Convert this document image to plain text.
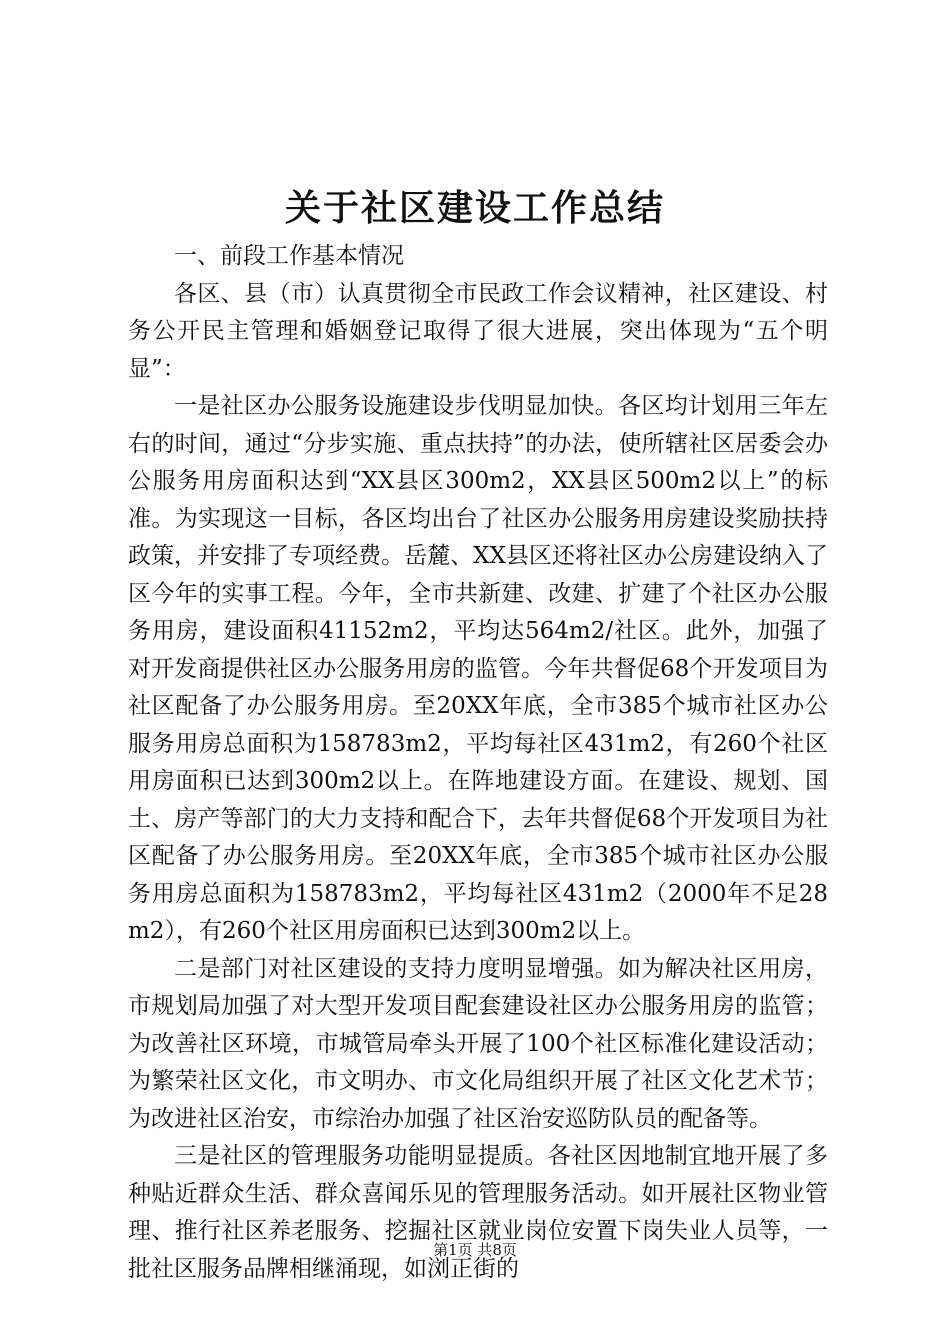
关于社区建设工作总结

一、前段工作基本情况

各区、县（市）认真贯彻全市民政工作会议精神，社区建设、村务公开民主管理和婚姻登记取得了很大进展，突出体现为“五个明显”：

一是社区办公服务设施建设步伐明显加快。各区均计划用三年左右的时间，通过“分步实施、重点扶持”的办法，使所辖社区居委会办公服务用房面积达到“XX县区300m2，XX县区500m2以上”的标准。为实现这一目标，各区均出台了社区办公服务用房建设奖励扶持政策，并安排了专项经费。岳麓、XX县区还将社区办公房建设纳入了区今年的实事工程。今年，全市共新建、改建、扩建了个社区办公服务用房，建设面积41152m2，平均达564m2/社区。此外，加强了对开发商提供社区办公服务用房的监管。今年共督促68个开发项目为社区配备了办公服务用房。至20XX年底，全市385个城市社区办公服务用房总面积为158783m2，平均每社区431m2，有260个社区用房面积已达到300m2以上。在阵地建设方面。在建设、规划、国土、房产等部门的大力支持和配合下，去年共督促68个开发项目为社区配备了办公服务用房。至20XX年底，全市385个城市社区办公服务用房总面积为158783m2，平均每社区431m2（2000年不足28m2），有260个社区用房面积已达到300m2以上。

二是部门对社区建设的支持力度明显增强。如为解决社区用房，市规划局加强了对大型开发项目配套建设社区办公服务用房的监管；为改善社区环境，市城管局牵头开展了100个社区标准化建设活动；为繁荣社区文化，市文明办、市文化局组织开展了社区文化艺术节；为改进社区治安，市综治办加强了社区治安巡防队员的配备等。

三是社区的管理服务功能明显提质。各社区因地制宜地开展了多种贴近群众生活、群众喜闻乐见的管理服务活动。如开展社区物业管理、推行社区养老服务、挖掘社区就业岗位安置下岗失业人员等，一批社区服务品牌相继涌现，如浏正街的

第1页 共8页
